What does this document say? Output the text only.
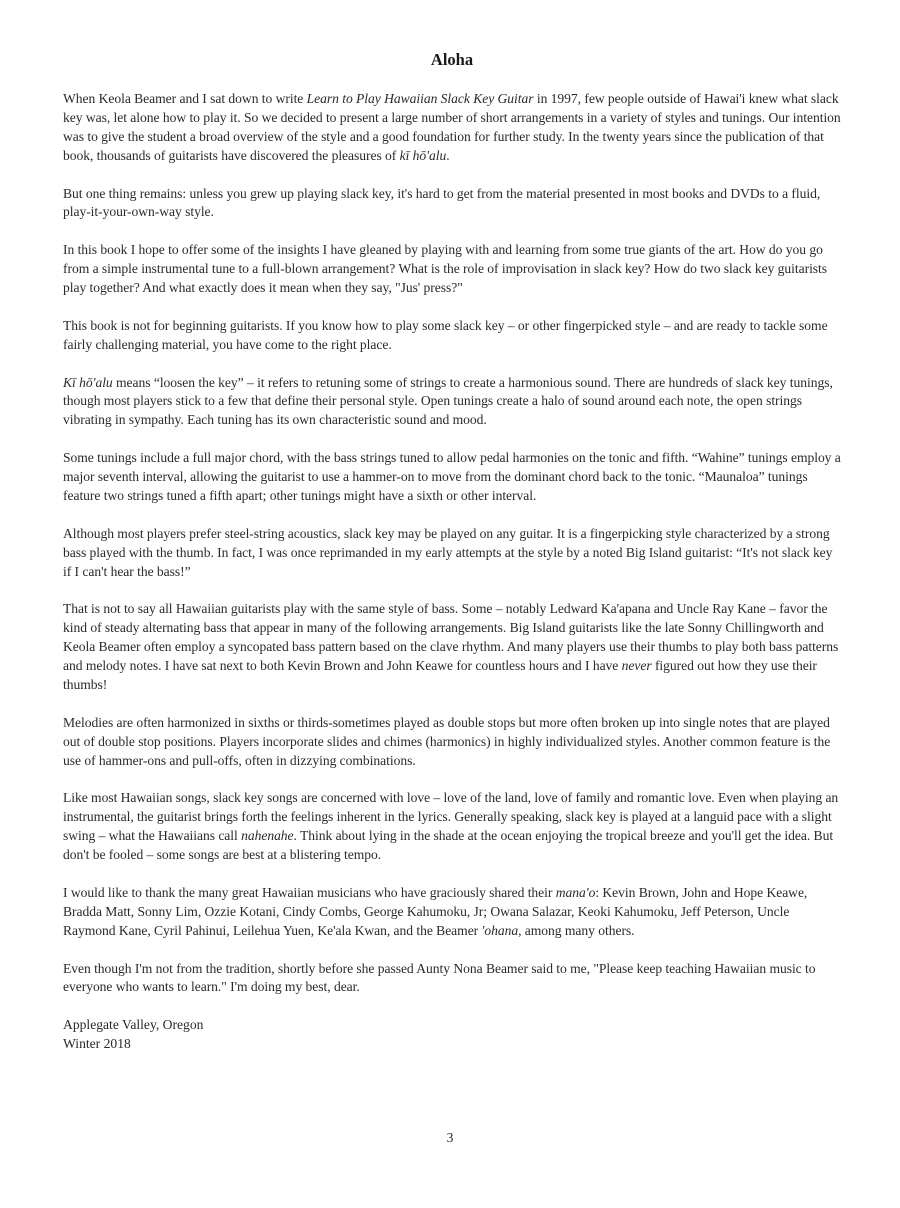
Aloha

When Keola Beamer and I sat down to write Learn to Play Hawaiian Slack Key Guitar in 1997, few people outside of Hawai'i knew what slack key was, let alone how to play it. So we decided to present a large number of short arrangements in a variety of styles and tunings. Our intention was to give the student a broad overview of the style and a good foundation for further study. In the twenty years since the publication of that book, thousands of guitarists have discovered the pleasures of kī hō'alu.

But one thing remains: unless you grew up playing slack key, it's hard to get from the material presented in most books and DVDs to a fluid, play-it-your-own-way style.

In this book I hope to offer some of the insights I have gleaned by playing with and learning from some true giants of the art. How do you go from a simple instrumental tune to a full-blown arrangement? What is the role of improvisation in slack key? How do two slack key guitarists play together? And what exactly does it mean when they say, "Jus' press?"

This book is not for beginning guitarists. If you know how to play some slack key – or other fingerpicked style – and are ready to tackle some fairly challenging material, you have come to the right place.

Kī hō'alu means “loosen the key” – it refers to retuning some of strings to create a harmonious sound. There are hundreds of slack key tunings, though most players stick to a few that define their personal style. Open tunings create a halo of sound around each note, the open strings vibrating in sympathy. Each tuning has its own characteristic sound and mood.

Some tunings include a full major chord, with the bass strings tuned to allow pedal harmonies on the tonic and fifth. “Wahine” tunings employ a major seventh interval, allowing the guitarist to use a hammer-on to move from the dominant chord back to the tonic. “Maunaloa” tunings feature two strings tuned a fifth apart; other tunings might have a sixth or other interval.

Although most players prefer steel-string acoustics, slack key may be played on any guitar. It is a fingerpicking style characterized by a strong bass played with the thumb. In fact, I was once reprimanded in my early attempts at the style by a noted Big Island guitarist: “It's not slack key if I can't hear the bass!”

That is not to say all Hawaiian guitarists play with the same style of bass. Some – notably Ledward Ka'apana and Uncle Ray Kane – favor the kind of steady alternating bass that appear in many of the following arrangements. Big Island guitarists like the late Sonny Chillingworth and Keola Beamer often employ a syncopated bass pattern based on the clave rhythm. And many players use their thumbs to play both bass patterns and melody notes. I have sat next to both Kevin Brown and John Keawe for countless hours and I have never figured out how they use their thumbs!

Melodies are often harmonized in sixths or thirds-sometimes played as double stops but more often broken up into single notes that are played out of double stop positions. Players incorporate slides and chimes (harmonics) in highly individualized styles. Another common feature is the use of hammer-ons and pull-offs, often in dizzying combinations.

Like most Hawaiian songs, slack key songs are concerned with love – love of the land, love of family and romantic love. Even when playing an instrumental, the guitarist brings forth the feelings inherent in the lyrics. Generally speaking, slack key is played at a languid pace with a slight swing – what the Hawaiians call nahenahe. Think about lying in the shade at the ocean enjoying the tropical breeze and you'll get the idea. But don't be fooled – some songs are best at a blistering tempo.

I would like to thank the many great Hawaiian musicians who have graciously shared their mana'o: Kevin Brown, John and Hope Keawe, Bradda Matt, Sonny Lim, Ozzie Kotani, Cindy Combs, George Kahumoku, Jr; Owana Salazar, Keoki Kahumoku, Jeff Peterson, Uncle Raymond Kane, Cyril Pahinui, Leilehua Yuen, Ke'ala Kwan, and the Beamer 'ohana, among many others.

Even though I'm not from the tradition, shortly before she passed Aunty Nona Beamer said to me, "Please keep teaching Hawaiian music to everyone who wants to learn." I'm doing my best, dear.

Applegate Valley, Oregon

Winter 2018

3
